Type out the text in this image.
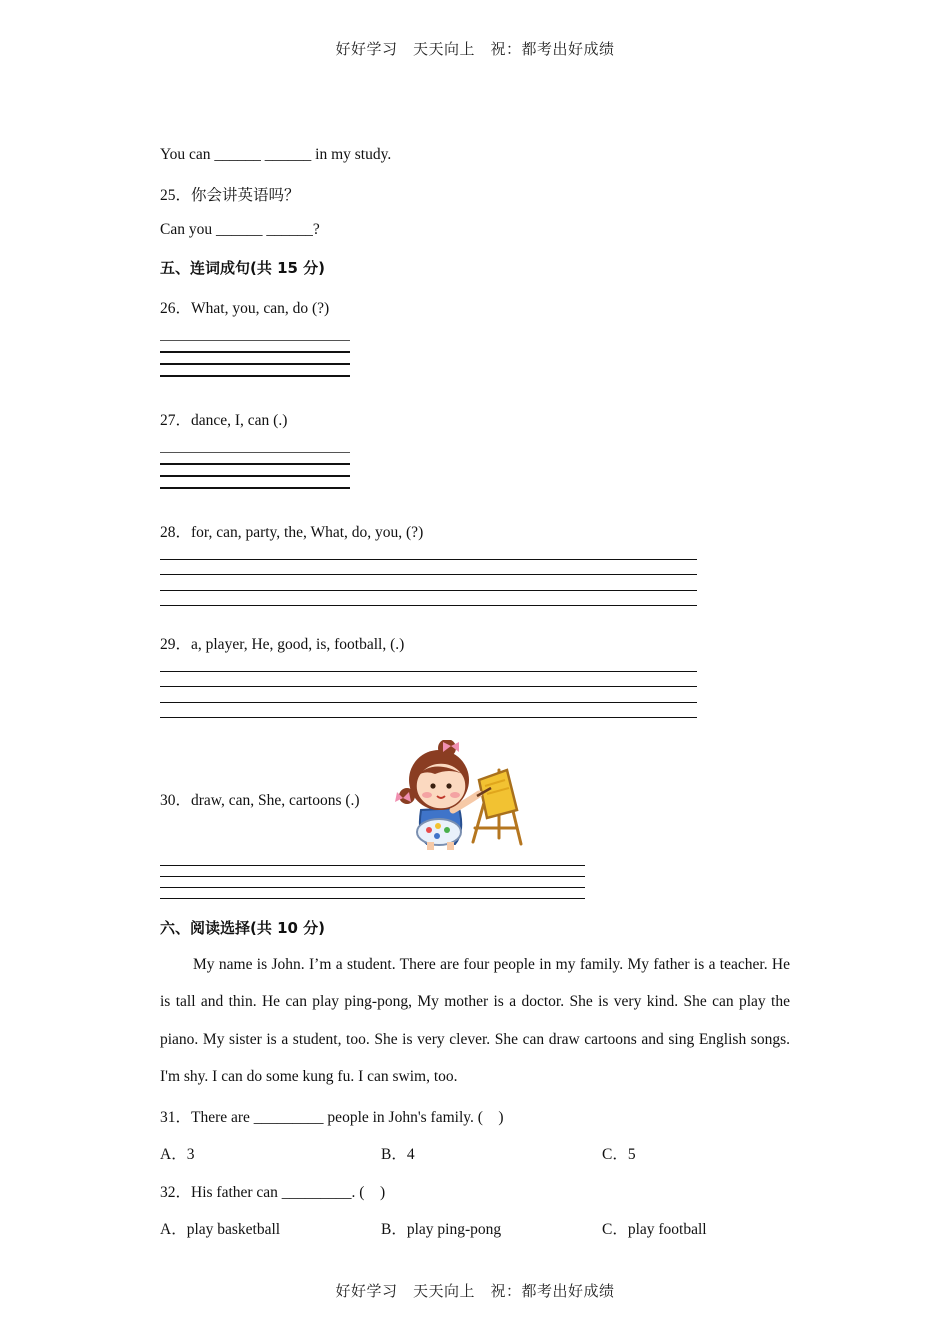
好好学习　天天向上　祝：都考出好成绩
You can ______ ______ in my study.
25．你会讲英语吗？
Can you ______ ______?
五、连词成句(共 15 分)
26．What, you, can, do (?)
27．dance, I, can (.)
28．for, can, party, the, What, do, you, (?)
29．a, player, He, good, is, football, (.)
30．draw, can, She, cartoons (.)
六、阅读选择(共 10 分)
My name is John. I’m a student. There are four people in my family. My father is a teacher. He is tall and thin. He can play ping-pong, My mother is a doctor. She is very kind. She can play the piano. My sister is a student, too. She is very clever. She can draw cartoons and sing English songs. I'm shy. I can do some kung fu. I can swim, too.
31．There are _________ people in John's family. (　)
A．3	B．4	C．5
32．His father can _________. (　)
A．play basketball	B．play ping-pong	C．play football
好好学习　天天向上　祝：都考出好成绩
